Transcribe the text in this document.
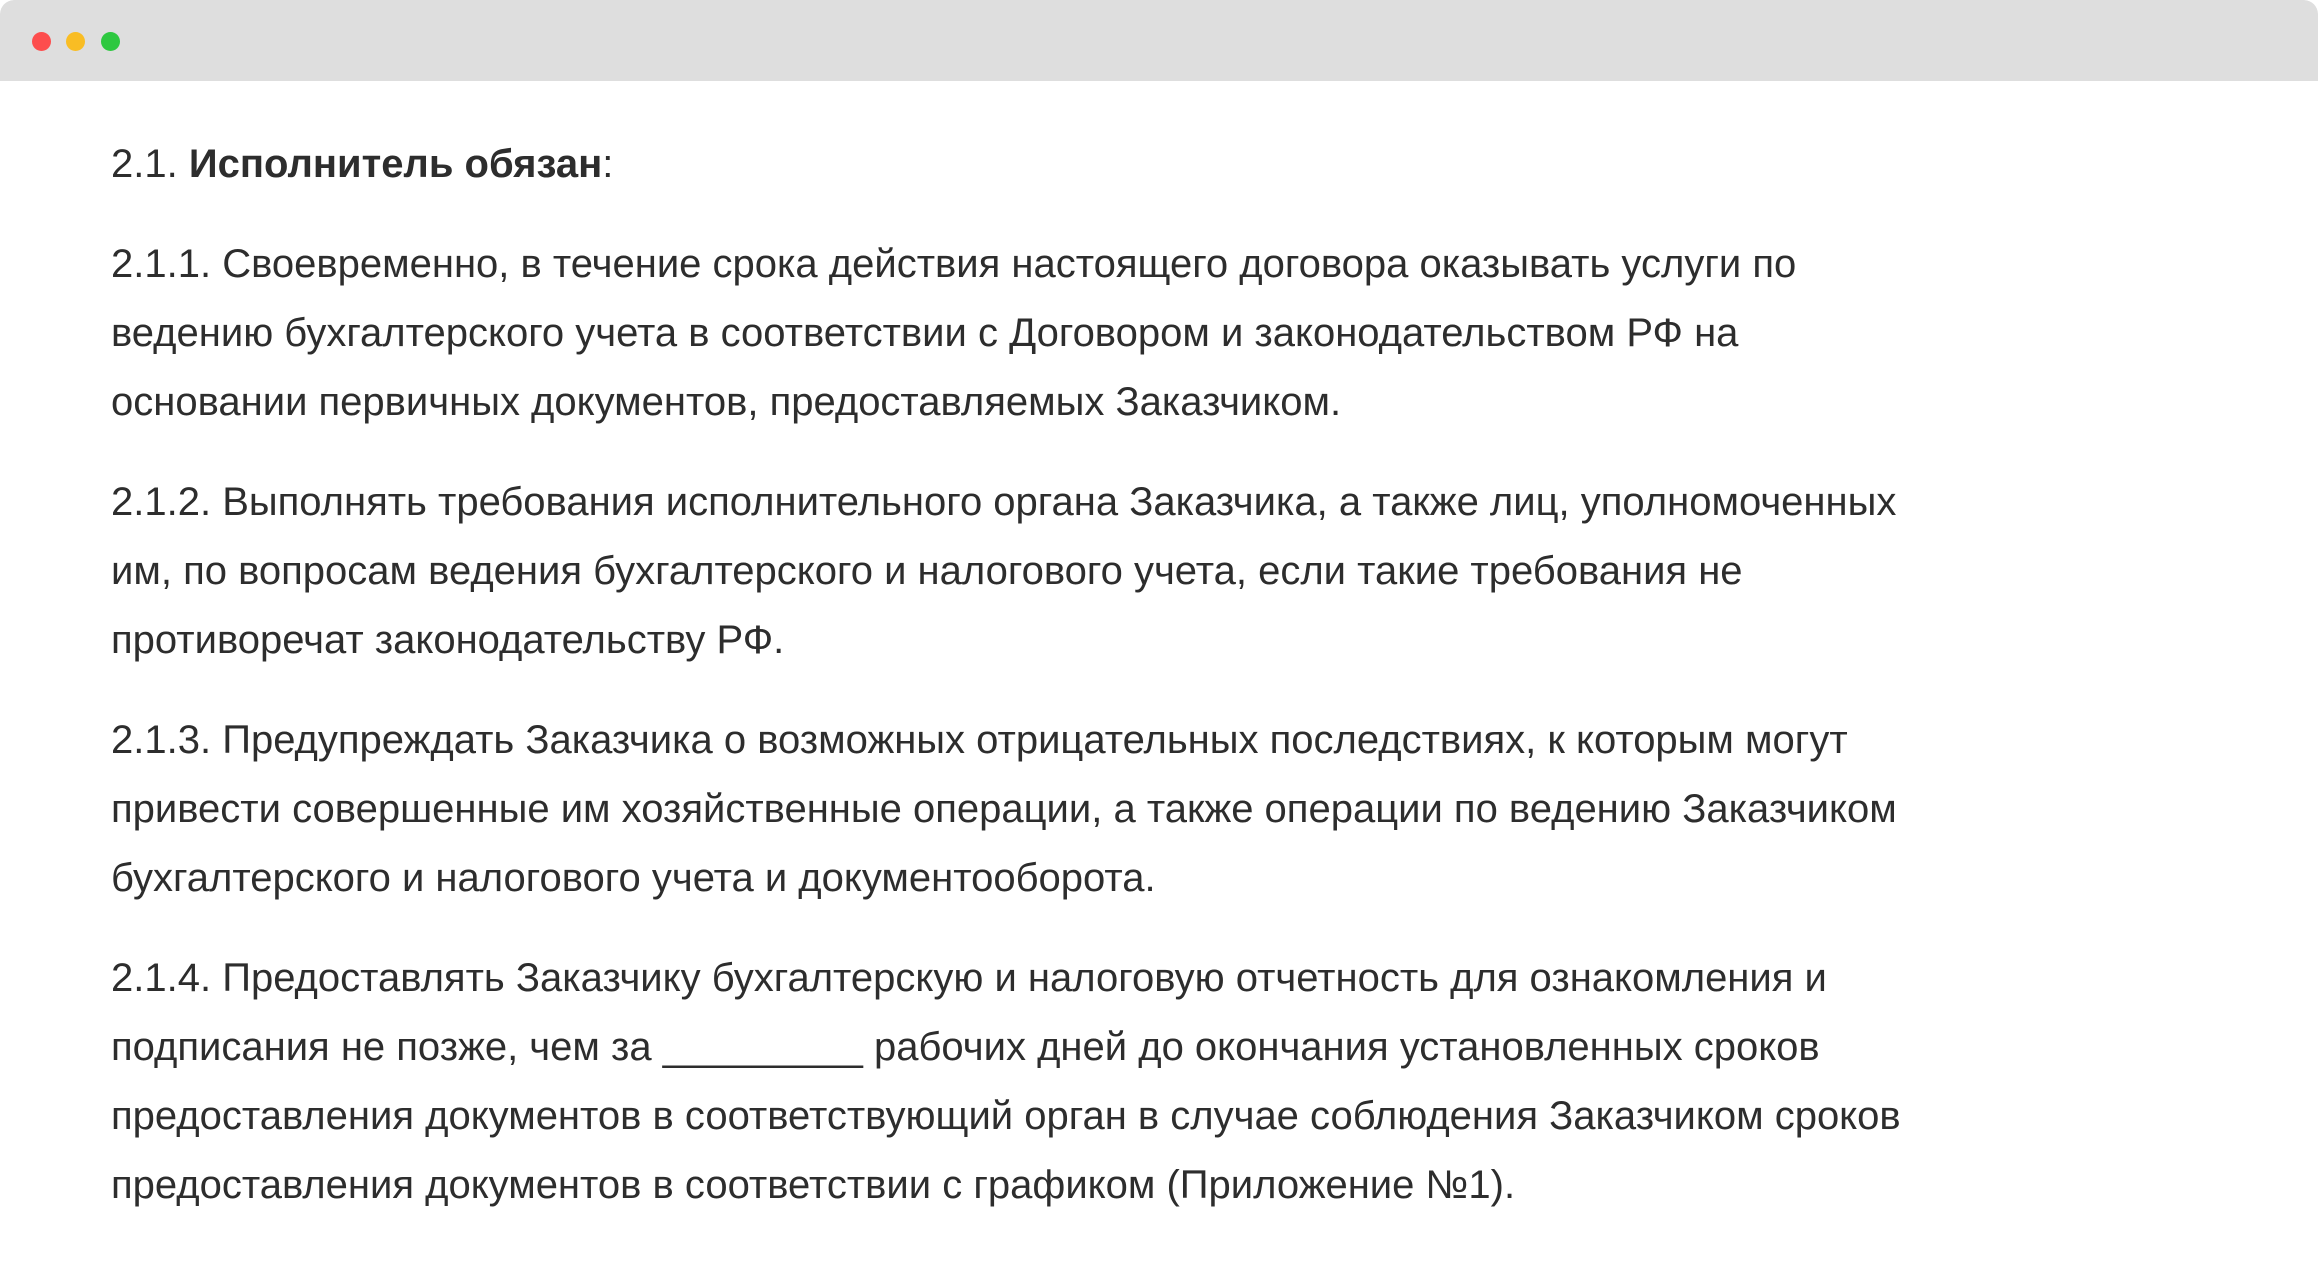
2.1. Исполнитель обязан:
2.1.1. Своевременно, в течение срока действия настоящего договора оказывать услуги по
ведению бухгалтерского учета в соответствии с Договором и законодательством РФ на
основании первичных документов, предоставляемых Заказчиком.
2.1.2. Выполнять требования исполнительного органа Заказчика, а также лиц, уполномоченных
им, по вопросам ведения бухгалтерского и налогового учета, если такие требования не
противоречат законодательству РФ.
2.1.3. Предупреждать Заказчика о возможных отрицательных последствиях, к которым могут
привести совершенные им хозяйственные операции, а также операции по ведению Заказчиком
бухгалтерского и налогового учета и документооборота.
2.1.4. Предоставлять Заказчику бухгалтерскую и налоговую отчетность для ознакомления и
подписания не позже, чем за _________ рабочих дней до окончания установленных сроков
предоставления документов в соответствующий орган в случае соблюдения Заказчиком сроков
предоставления документов в соответствии с графиком (Приложение №1).
